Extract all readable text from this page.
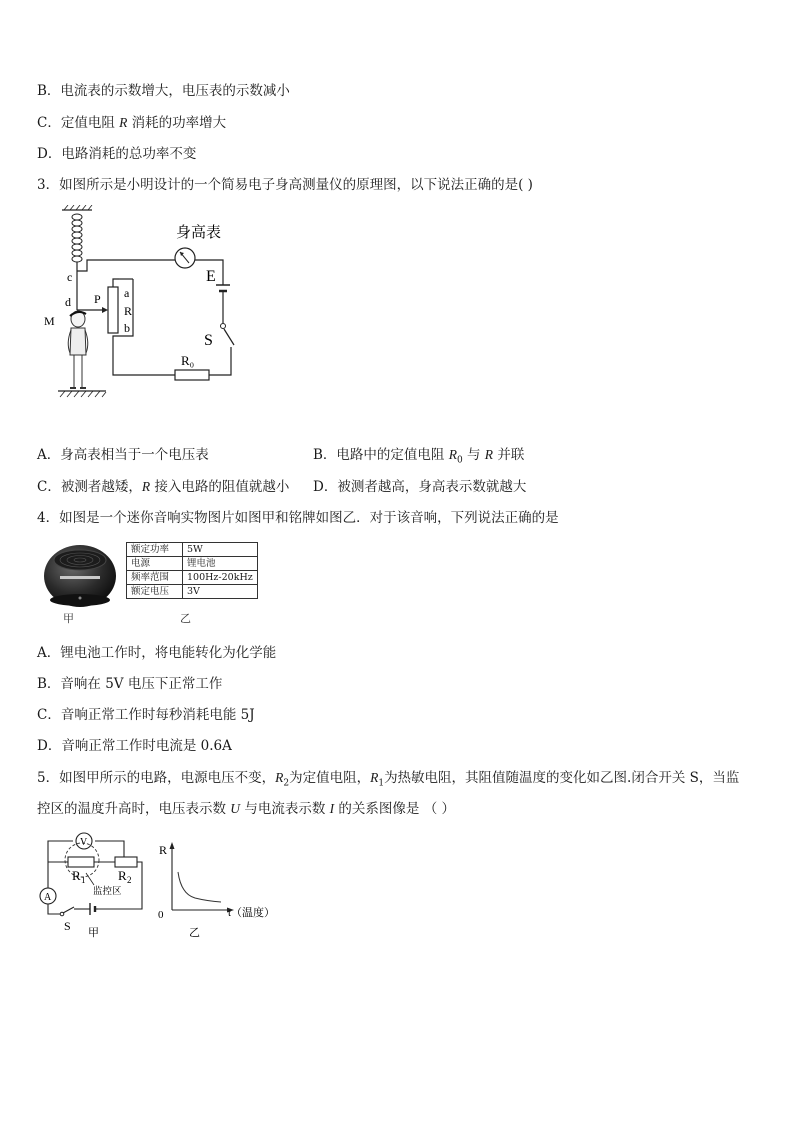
B．电流表的示数增大，电压表的示数减小
C．定值电阻 R 消耗的功率增大
D．电路消耗的总功率不变
3．如图所示是小明设计的一个简易电子身高测量仪的原理图，以下说法正确的是( )
身高表
E
S
R₀
a
R
b
P
c
d
M
A．身高表相当于一个电压表	B．电路中的定值电阻 $R_0$ 与 R 并联
C．被测者越矮，R 接入电路的阻值就越小 D．被测者越高，身高表示数就越大
4．如图是一个迷你音响实物图片如图甲和铭牌如图乙．对于该音响，下列说法正确的是
甲
额定功率	5W
电源	锂电池
频率范围	100Hz-20kHz
额定电压	3V
乙
A．锂电池工作时，将电能转化为化学能
B．音响在 5V 电压下正常工作
C．音响正常工作时每秒消耗电能 5J
D．音响正常工作时电流是 0.6A
5．如图甲所示的电路，电源电压不变，$R_2$为定值电阻，$R_1$为热敏电阻，其阻值随温度的变化如乙图.闭合开关 S，当监
控区的温度升高时，电压表示数 U 与电流表示数 I 的关系图像是 （ ）
V
R 1	R 2
监控区
A
S 甲
R
0	t（温度）
乙
